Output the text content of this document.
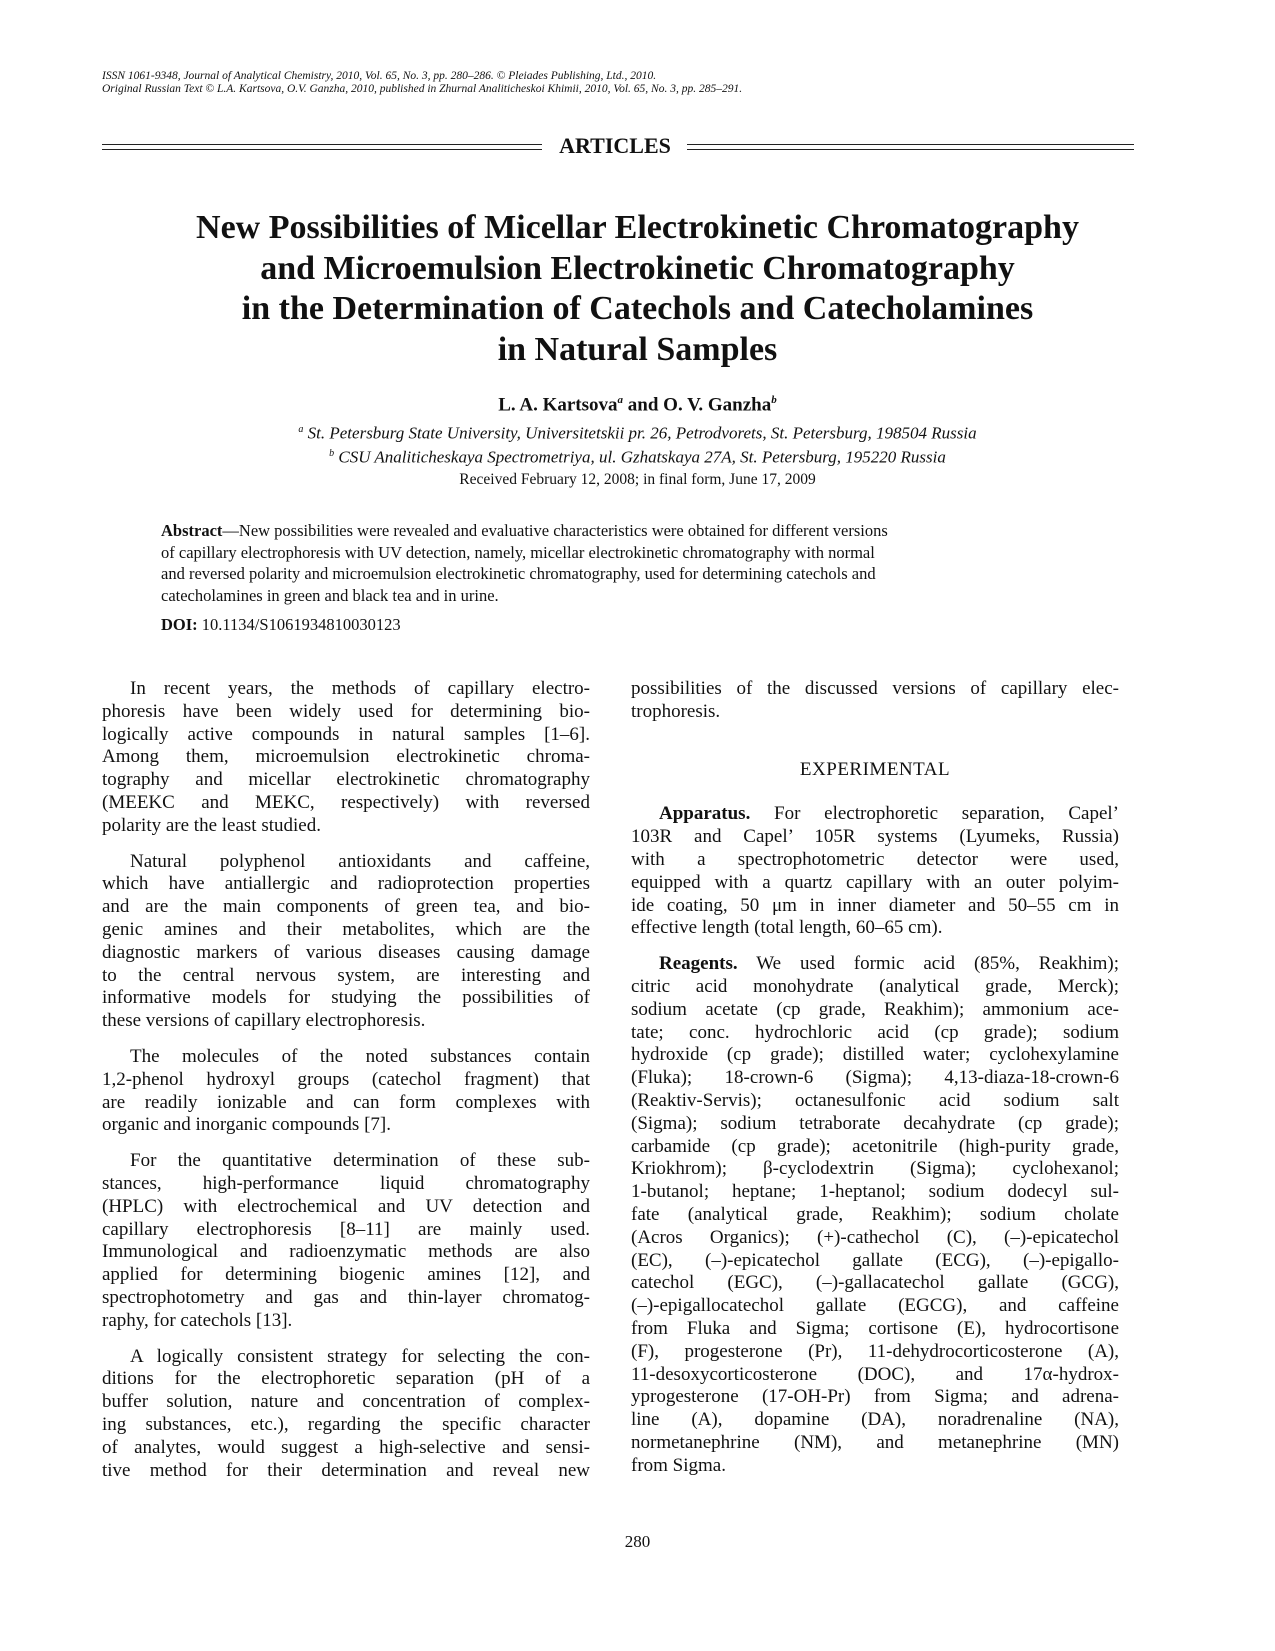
ISSN 1061-9348, Journal of Analytical Chemistry, 2010, Vol. 65, No. 3, pp. 280–286. © Pleiades Publishing, Ltd., 2010.
Original Russian Text © L.A. Kartsova, O.V. Ganzha, 2010, published in Zhurnal Analiticheskoi Khimii, 2010, Vol. 65, No. 3, pp. 285–291.
ARTICLES
New Possibilities of Micellar Electrokinetic Chromatography
and Microemulsion Electrokinetic Chromatography
in the Determination of Catechols and Catecholamines
in Natural Samples
L. A. Kartsova$^a$ and O. V. Ganzha$^b$
$^a$ St. Petersburg State University, Universitetskii pr. 26, Petrodvorets, St. Petersburg, 198504 Russia
$^b$ CSU Analiticheskaya Spectrometriya, ul. Gzhatskaya 27A, St. Petersburg, 195220 Russia
Received February 12, 2008; in final form, June 17, 2009
Abstract—New possibilities were revealed and evaluative characteristics were obtained for different versions
of capillary electrophoresis with UV detection, namely, micellar electrokinetic chromatography with normal
and reversed polarity and microemulsion electrokinetic chromatography, used for determining catechols and
catecholamines in green and black tea and in urine.
DOI: 10.1134/S1061934810030123
In recent years, the methods of capillary electro-
phoresis have been widely used for determining bio-
logically active compounds in natural samples [1–6].
Among them, microemulsion electrokinetic chroma-
tography and micellar electrokinetic chromatography
(MEEKC and MEKC, respectively) with reversed
polarity are the least studied.
Natural polyphenol antioxidants and caffeine,
which have antiallergic and radioprotection properties
and are the main components of green tea, and bio-
genic amines and their metabolites, which are the
diagnostic markers of various diseases causing damage
to the central nervous system, are interesting and
informative models for studying the possibilities of
these versions of capillary electrophoresis.
The molecules of the noted substances contain
1,2-phenol hydroxyl groups (catechol fragment) that
are readily ionizable and can form complexes with
organic and inorganic compounds [7].
For the quantitative determination of these sub-
stances, high-performance liquid chromatography
(HPLC) with electrochemical and UV detection and
capillary electrophoresis [8–11] are mainly used.
Immunological and radioenzymatic methods are also
applied for determining biogenic amines [12], and
spectrophotometry and gas and thin-layer chromatog-
raphy, for catechols [13].
A logically consistent strategy for selecting the con-
ditions for the electrophoretic separation (pH of a
buffer solution, nature and concentration of complex-
ing substances, etc.), regarding the specific character
of analytes, would suggest a high-selective and sensi-
tive method for their determination and reveal new
possibilities of the discussed versions of capillary elec-
trophoresis.
EXPERIMENTAL
Apparatus. For electrophoretic separation, Capel’
103R and Capel’ 105R systems (Lyumeks, Russia)
with a spectrophotometric detector were used,
equipped with a quartz capillary with an outer polyim-
ide coating, 50 μm in inner diameter and 50–55 cm in
effective length (total length, 60–65 cm).
Reagents. We used formic acid (85%, Reakhim);
citric acid monohydrate (analytical grade, Merck);
sodium acetate (cp grade, Reakhim); ammonium ace-
tate; conc. hydrochloric acid (cp grade); sodium
hydroxide (cp grade); distilled water; cyclohexylamine
(Fluka); 18-crown-6 (Sigma); 4,13-diaza-18-crown-6
(Reaktiv-Servis); octanesulfonic acid sodium salt
(Sigma); sodium tetraborate decahydrate (cp grade);
carbamide (cp grade); acetonitrile (high-purity grade,
Kriokhrom); β-cyclodextrin (Sigma); cyclohexanol;
1-butanol; heptane; 1-heptanol; sodium dodecyl sul-
fate (analytical grade, Reakhim); sodium cholate
(Acros Organics); (+)-cathechol (C), (–)-epicatechol
(EC), (–)-epicatechol gallate (ECG), (–)-epigallo-
catechol (EGC), (–)-gallacatechol gallate (GCG),
(–)-epigallocatechol gallate (EGCG), and caffeine
from Fluka and Sigma; cortisone (E), hydrocortisone
(F), progesterone (Pr), 11-dehydrocorticosterone (A),
11-desoxycorticosterone (DOC), and 17α-hydrox-
yprogesterone (17-OH-Pr) from Sigma; and adrena-
line (A), dopamine (DA), noradrenaline (NA),
normetanephrine (NM), and metanephrine (MN)
from Sigma.
280
